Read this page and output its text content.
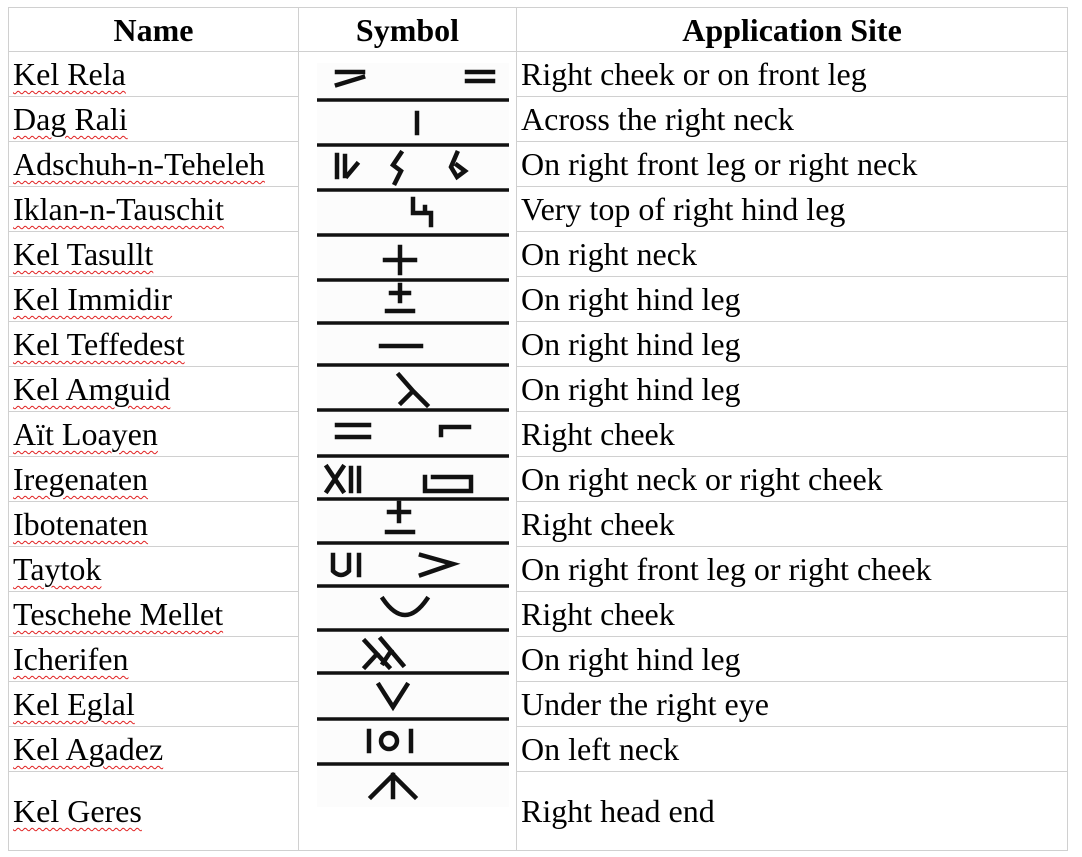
Name	Symbol	Application Site
Kel Rela		Right cheek or on front leg
Dag Rali		Across the right neck
Adschuh-n-Teheleh		On right front leg or right neck
Iklan-n-Tauschit		Very top of right hind leg
Kel Tasullt		On right neck
Kel Immidir		On right hind leg
Kel Teffedest		On right hind leg
Kel Amguid		On right hind leg
Aït Loayen		Right cheek
Iregenaten		On right neck or right cheek
Ibotenaten		Right cheek
Taytok		On right front leg or right cheek
Teschehe Mellet		Right cheek
Icherifen		On right hind leg
Kel Eglal		Under the right eye
Kel Agadez		On left neck
Kel Geres		Right head end
